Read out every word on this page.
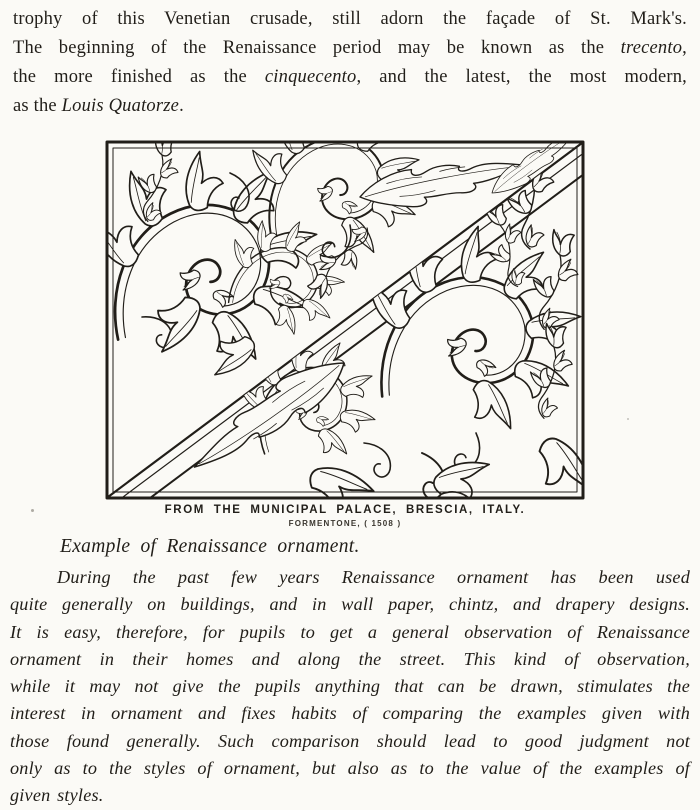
trophy of this Venetian crusade, still adorn the façade of St. Mark's.
The beginning of the Renaissance period may be known as the trecento,
the more finished as the cinquecento, and the latest, the most modern,
as the Louis Quatorze.
FROM THE MUNICIPAL PALACE, BRESCIA, ITALY.
FORMENTONE, ( 1508 )
Example of Renaissance ornament.
During the past few years Renaissance ornament has been used
quite generally on buildings, and in wall paper, chintz, and drapery designs.
It is easy, therefore, for pupils to get a general observation of Renaissance
ornament in their homes and along the street. This kind of observation,
while it may not give the pupils anything that can be drawn, stimulates the
interest in ornament and fixes habits of comparing the examples given with
those found generally. Such comparison should lead to good judgment not
only as to the styles of ornament, but also as to the value of the examples of
given styles.
